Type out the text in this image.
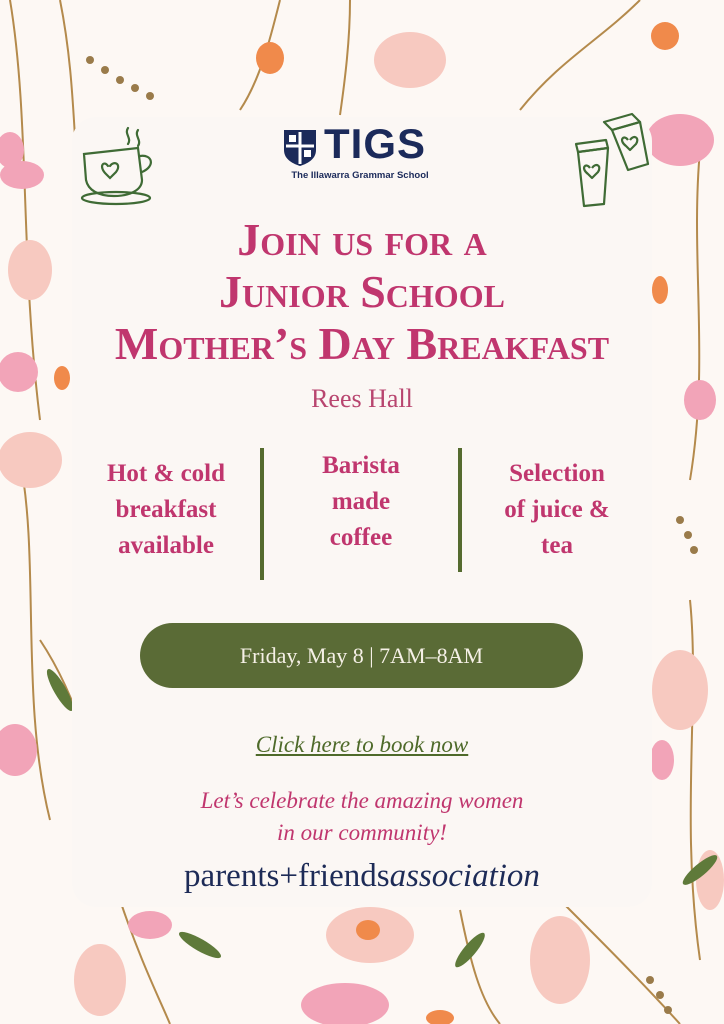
TIGS
The Illawarra Grammar School
Join us for a
Junior School
Mother’s Day Breakfast
Rees Hall
Hot & cold
breakfast
available
Barista
made
coffee
Selection
of juice &
tea
Friday, May 8 | 7AM–8AM
Click here to book now
Let’s celebrate the amazing women
in our community!
parents+friendsassociation
